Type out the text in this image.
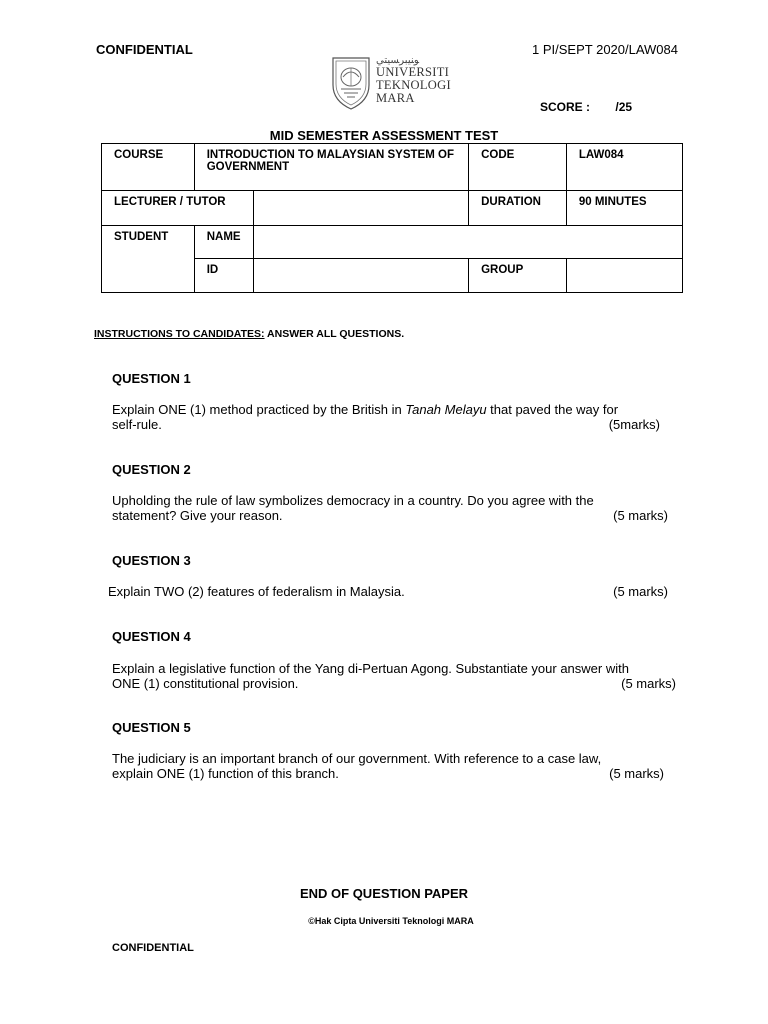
CONFIDENTIAL	1 PI/SEPT 2020/LAW084
ﻮﻨﻴﺒﺮﺴﻴﺘﻲ
UNIVERSITI
TEKNOLOGI
MARA
SCORE : /25
MID SEMESTER ASSESSMENT TEST
COURSE	INTRODUCTION TO MALAYSIAN SYSTEM OF GOVERNMENT		CODE	LAW084
LECTURER / TUTOR			DURATION	90 MINUTES
STUDENT	NAME			
	ID		GROUP	
INSTRUCTIONS TO CANDIDATES: ANSWER ALL QUESTIONS.
QUESTION 1
Explain ONE (1) method practiced by the British in Tanah Melayu that paved the way for
self-rule.	(5marks)
QUESTION 2
Upholding the rule of law symbolizes democracy in a country. Do you agree with the
statement? Give your reason.	(5 marks)
QUESTION 3
Explain TWO (2) features of federalism in Malaysia.	(5 marks)
QUESTION 4
Explain a legislative function of the Yang di-Pertuan Agong. Substantiate your answer with
ONE (1) constitutional provision.	(5 marks)
QUESTION 5
The judiciary is an important branch of our government. With reference to a case law,
explain ONE (1) function of this branch.	(5 marks)
END OF QUESTION PAPER
©Hak Cipta Universiti Teknologi MARA
CONFIDENTIAL
